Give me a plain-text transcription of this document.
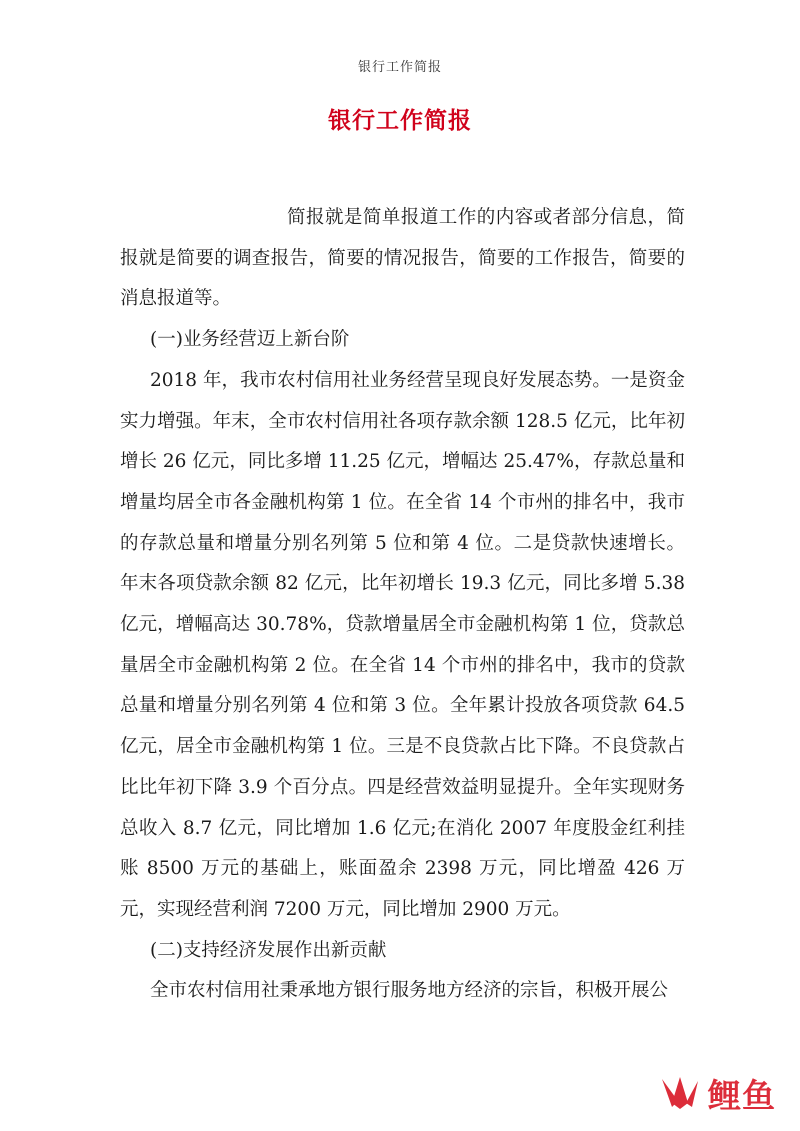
银行工作简报
银行工作简报

简报就是简单报道工作的内容或者部分信息，简报就是简要的调查报告，简要的情况报告，简要的工作报告，简要的消息报道等。

(一)业务经营迈上新台阶

2018 年，我市农村信用社业务经营呈现良好发展态势。一是资金实力增强。年末，全市农村信用社各项存款余额 128.5 亿元，比年初增长 26 亿元，同比多增 11.25 亿元，增幅达 25.47%，存款总量和增量均居全市各金融机构第 1 位。在全省 14 个市州的排名中，我市的存款总量和增量分别名列第 5 位和第 4 位。二是贷款快速增长。年末各项贷款余额 82 亿元，比年初增长 19.3 亿元，同比多增 5.38 亿元，增幅高达 30.78%，贷款增量居全市金融机构第 1 位，贷款总量居全市金融机构第 2 位。在全省 14 个市州的排名中，我市的贷款总量和增量分别名列第 4 位和第 3 位。全年累计投放各项贷款 64.5 亿元，居全市金融机构第 1 位。三是不良贷款占比下降。不良贷款占比比年初下降 3.9 个百分点。四是经营效益明显提升。全年实现财务总收入 8.7 亿元，同比增加 1.6 亿元;在消化 2007 年度股金红利挂账 8500 万元的基础上，账面盈余 2398 万元，同比增盈 426 万元，实现经营利润 7200 万元，同比增加 2900 万元。

(二)支持经济发展作出新贡献

全市农村信用社秉承地方银行服务地方经济的宗旨，积极开展公

鲤鱼
